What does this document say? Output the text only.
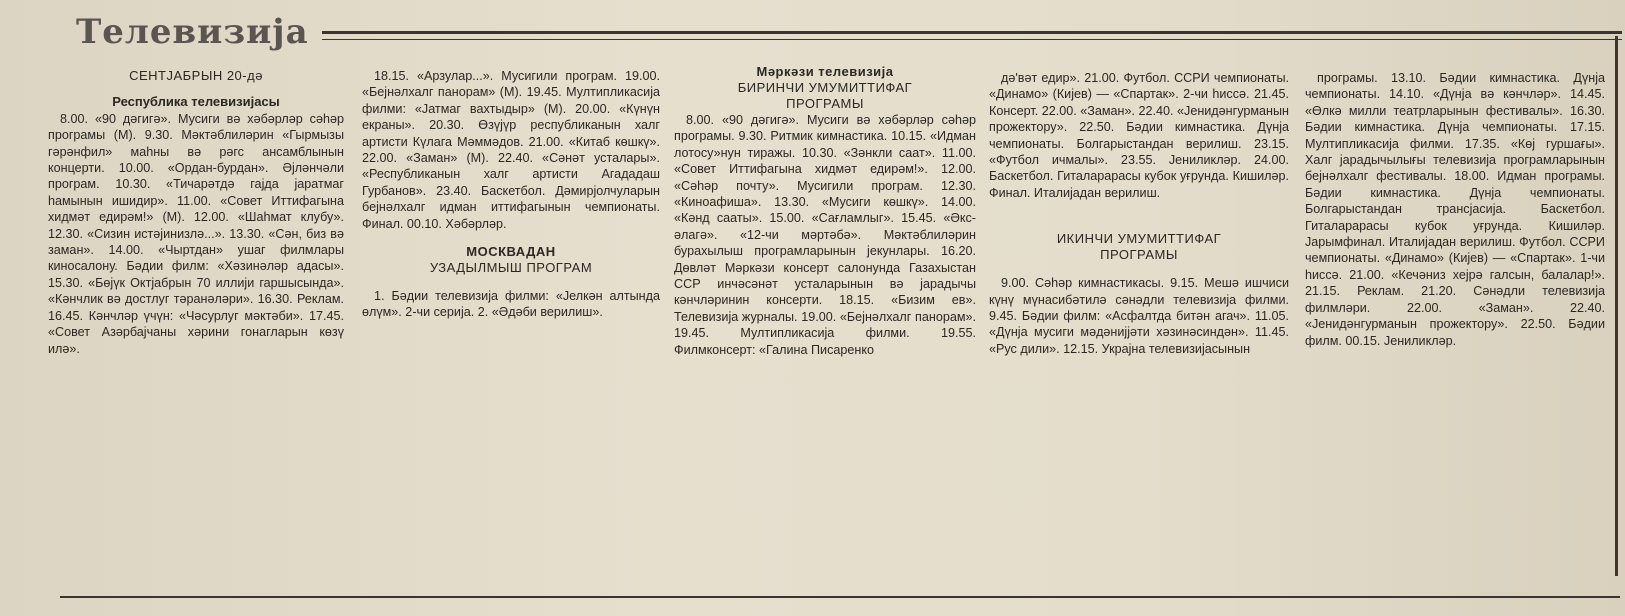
Телевизија
СЕНТЈАБРЫН 20-дә
Республика телевизијасы

8.00. «90 дәгигә». Мусиги вә хәбәрләр сәһәр програмы (М). 9.30. Мәктәблиләрин «Гырмызы гәрәнфил» маһны вә рәгс ансамблынын концерти. 10.00. «Ордан-бурдан». Әјләнчәли програм. 10.30. «Тичарәтдә гајда јаратмаг һамынын ишидир». 11.00. «Совет Иттифагына хидмәт едирәм!» (М). 12.00. «Шаһмат клубу». 12.30. «Сизин истәјинизлә...». 13.30. «Сән, биз вә заман». 14.00. «Чыртдан» ушаг филмлары киносалону. Бәдии филм: «Хәзинәләр адасы». 15.30. «Бөјүк Октјабрын 70 иллији гаршысында». «Кәнчлик вә достлуг тәранәләри». 16.30. Реклам. 16.45. Кәнчләр үчүн: «Чәсурлуг мәктәби». 17.45. «Совет Азәрбајчаны хәрини гонагларын көзү илә».

18.15. «Арзулар...». Мусигили програм. 19.00. «Бејнәлхалг панорам» (М). 19.45. Мултипликасија филми: «Јатмаг вахтыдыр» (М). 20.00. «Күнүн екраны». 20.30. Өзүјүр республиканын халг артисти Күлага Мәммәдов. 21.00. «Китаб көшкү». 22.00. «Заман» (М). 22.40. «Сәнәт усталары». «Республиканын халг артисти Агададаш Гурбанов». 23.40. Баскетбол. Дәмирјолчуларын бејнәлхалг идман иттифагынын чемпионаты. Финал. 00.10. Хәбәрләр.

МОСКВАДАН
УЗАДЫЛМЫШ ПРОГРАМ

1. Бәдии телевизија филми: «Јелкән алтында өлүм». 2-чи серија. 2. «Әдәби верилиш».

Мәркәзи телевизија
БИРИНЧИ УМУМИТТИФАГ
ПРОГРАМЫ

8.00. «90 дәгигә». Мусиги вә хәбәрләр сәһәр програмы. 9.30. Ритмик кимнастика. 10.15. «Идман лотосу»нун тиражы. 10.30. «Зәнкли саат». 11.00. «Совет Иттифагына хидмәт едирәм!». 12.00. «Сәһәр почту». Мусигили програм. 12.30. «Киноафиша». 13.30. «Мусиги көшкү». 14.00. «Кәнд сааты». 15.00. «Сағламлыг». 15.45. «Әкс-әлагә». «12-чи мәртәбә». Мәктәблиләрин бурахылыш програмларынын јекунлары. 16.20. Дөвләт Мәркәзи консерт салонунда Газахыстан ССР инчәсәнәт усталарынын вә јарадычы кәнчләринин консерти. 18.15. «Бизим ев». Телевизија журналы. 19.00. «Бејнәлхалг панорам». 19.45. Мултипликасија филми. 19.55. Филмконсерт: «Галина Писаренко

дә'вәт едир». 21.00. Футбол. ССРИ чемпионаты. «Динамо» (Кијев) — «Спартак». 2-чи һиссә. 21.45. Консерт. 22.00. «Заман». 22.40. «Јенидәнгурманын прожектору». 22.50. Бәдии кимнастика. Дүнја чемпионаты. Болгарыстандан верилиш. 23.15. «Футбол ичмалы». 23.55. Јениликләр. 24.00. Баскетбол. Гиталарарасы кубок уғрунда. Кишиләр. Финал. Италијадан верилиш.

ИКИНЧИ УМУМИТТИФАГ
ПРОГРАМЫ

9.00. Сәһәр кимнастикасы. 9.15. Мешә ишчиси күнү мүнасибәтилә сәнәдли телевизија филми. 9.45. Бәдии филм: «Асфалтда битән агач». 11.05. «Дүнја мусиги мәдәнијјәти хәзинәсиндән». 11.45. «Рус дили». 12.15. Украјна телевизијасынын

програмы. 13.10. Бәдии кимнастика. Дүнја чемпионаты. 14.10. «Дүнја вә кәнчләр». 14.45. «Өлкә милли театрларынын фестивалы». 16.30. Бәдии кимнастика. Дүнја чемпионаты. 17.15. Мултипликасија филми. 17.35. «Көј гуршағы». Халг јарадычылығы телевизија програмларынын бејнәлхалг фестивалы. 18.00. Идман програмы. Бәдии кимнастика. Дүнја чемпионаты. Болгарыстандан трансјасија. Баскетбол. Гиталарарасы кубок уғрунда. Кишиләр. Јарымфинал. Италијадан верилиш. Футбол. ССРИ чемпионаты. «Динамо» (Кијев) — «Спартак». 1-чи һиссә. 21.00. «Кечәниз хејрә галсын, балалар!». 21.15. Реклам. 21.20. Сәнәдли телевизија филмләри. 22.00. «Заман». 22.40. «Јенидәнгурманын прожектору». 22.50. Бәдии филм. 00.15. Јениликләр.
